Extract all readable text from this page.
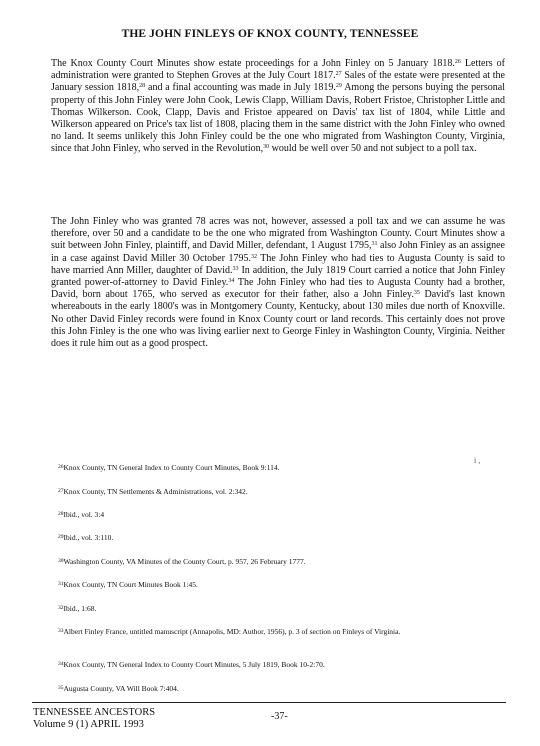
THE JOHN FINLEYS OF KNOX COUNTY, TENNESSEE

The Knox County Court Minutes show estate proceedings for a John Finley on 5 January 1818.26 Letters of administration were granted to Stephen Groves at the July Court 1817.27 Sales of the estate were presented at the January session 1818,28 and a final accounting was made in July 1819.29 Among the persons buying the personal property of this John Finley were John Cook, Lewis Clapp, William Davis, Robert Fristoe, Christopher Little and Thomas Wilkerson. Cook, Clapp, Davis and Fristoe appeared on Davis' tax list of 1804, while Little and Wilkerson appeared on Price's tax list of 1808, placing them in the same district with the John Finley who owned no land. It seems unlikely this John Finley could be the one who migrated from Washington County, Virginia, since that John Finley, who served in the Revolution,$^{30}$ would be well over 50 and not subject to a poll tax.

The John Finley who was granted 78 acres was not, however, assessed a poll tax and we can assume he was therefore, over 50 and a candidate to be the one who migrated from Washington County. Court Minutes show a suit between John Finley, plaintiff, and David Miller, defendant, 1 August 1795,31 also John Finley as an assignee in a case against David Miller 30 October 1795.32 The John Finley who had ties to Augusta County is said to have married Ann Miller, daughter of David.$^{33}$ In addition, the July 1819 Court carried a notice that John Finley granted power-of-attorney to David Finley.$^{34}$ The John Finley who had ties to Augusta County had a brother, David, born about 1765, who served as executor for their father, also a John Finley.$^{35}$ David's last known whereabouts in the early 1800's was in Montgomery County, Kentucky, about 130 miles due north of Knoxville. No other David Finley records were found in Knox County court or land records. This certainly does not prove this John Finley is the one who was living earlier next to George Finley in Washington County, Virginia. Neither does it rule him out as a good prospect.

i ,
$^{26}$Knox County, TN General Index to County Court Minutes, Book 9:114.
$^{27}$Knox County, TN Settlements & Administrations, vol. 2:342.
$^{28}$Ibid., vol. 3:4
$^{29}$Ibid., vol. 3:110.
$^{30}$Washington County, VA Minutes of the County Court, p. 957, 26 February 1777.
$^{31}$Knox County, TN Court Minutes Book 1:45.
$^{32}$Ibid., 1:68.
$^{33}$Albert Finley France, untitled manuscript (Annapolis, MD: Author, 1956), p. 3 of section on Finleys of Virginia.
$^{34}$Knox County, TN General Index to County Court Minutes, 5 July 1819, Book 10-2:70.
$^{35}$Augusta County, VA Will Book 7:404.
TENNESSEE ANCESTORS
Volume 9 (1) APRIL 1993
-37-
